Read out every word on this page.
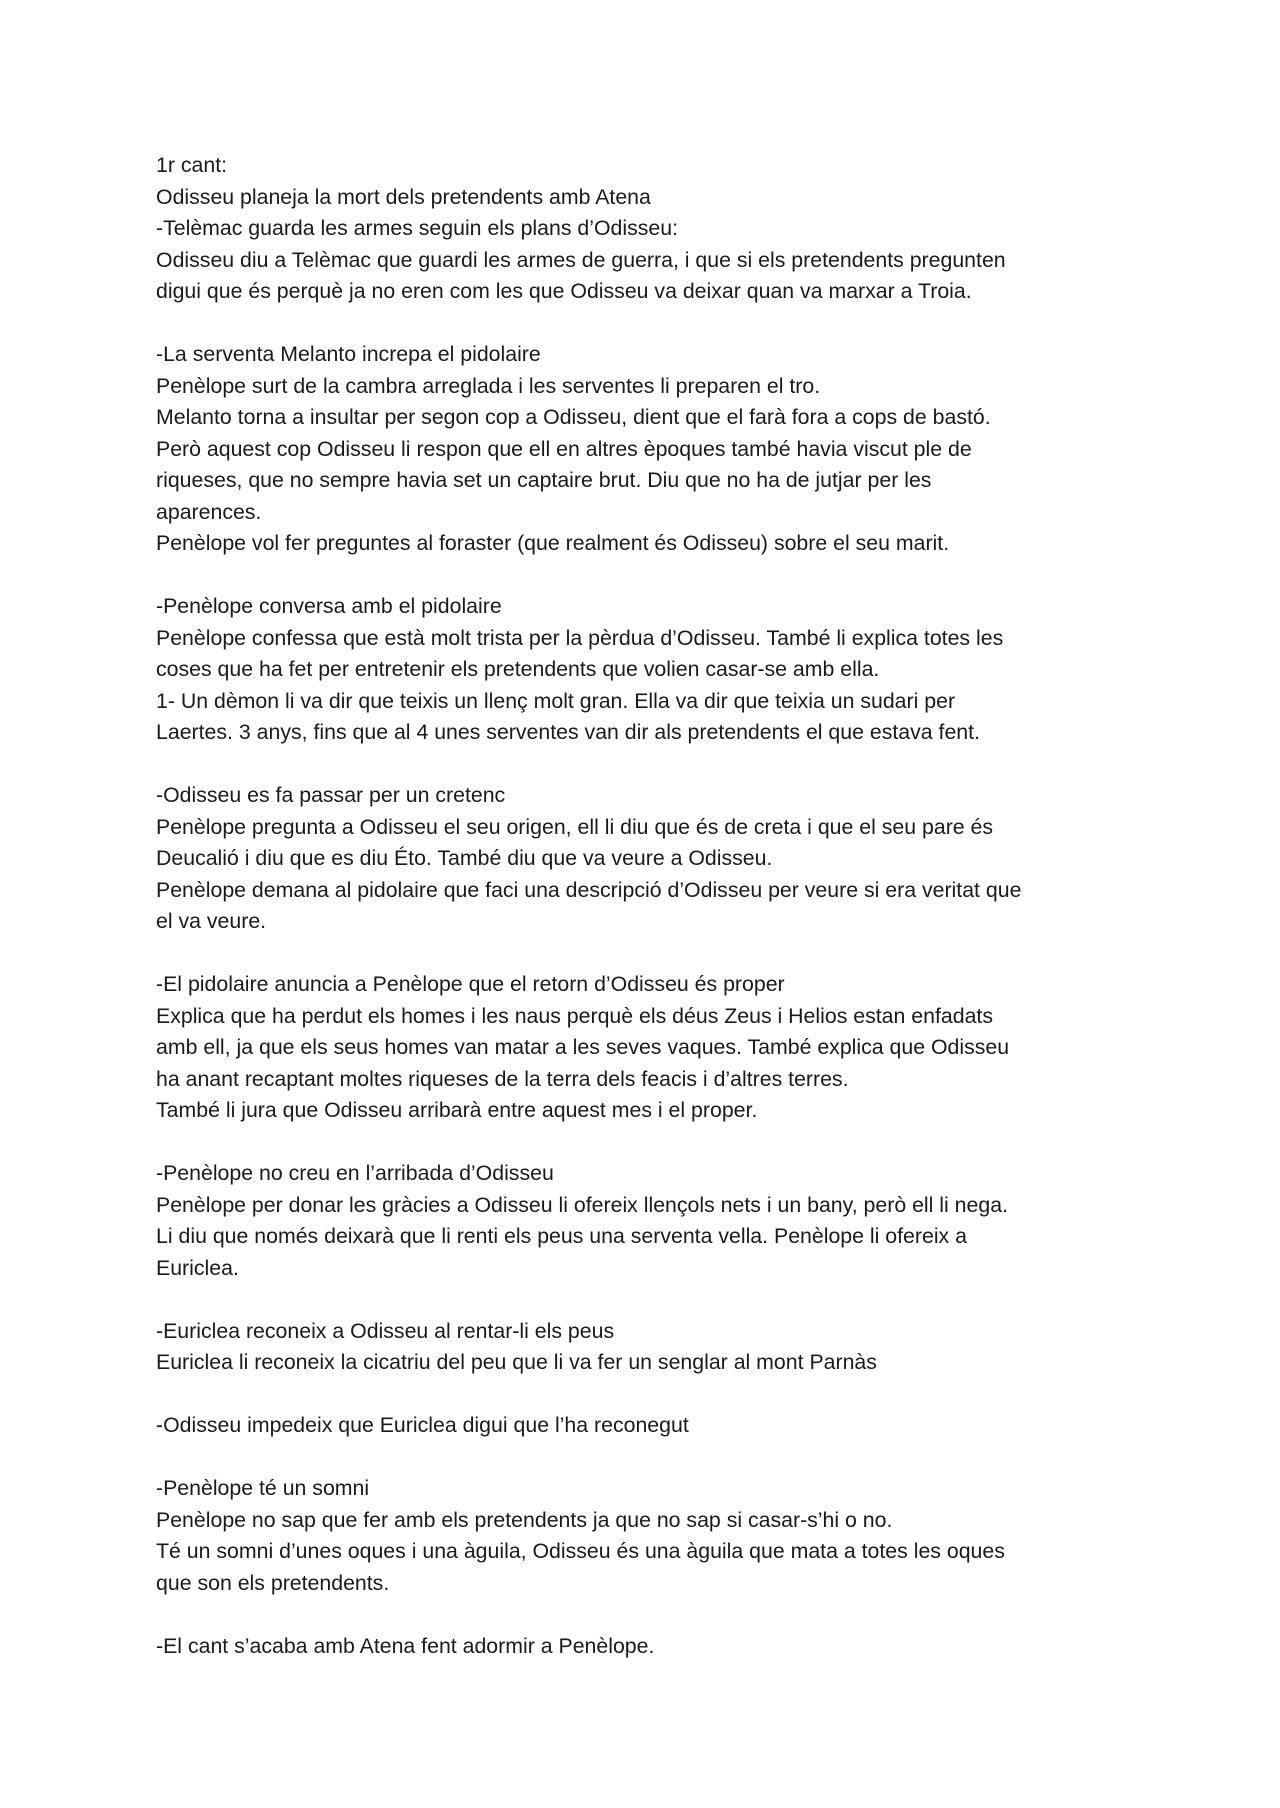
1r cant:
Odisseu planeja la mort dels pretendents amb Atena
-Telèmac guarda les armes seguin els plans d’Odisseu:
Odisseu diu a Telèmac que guardi les armes de guerra, i que si els pretendents pregunten
digui que és perquè ja no eren com les que Odisseu va deixar quan va marxar a Troia.
-La serventa Melanto increpa el pidolaire
Penèlope surt de la cambra arreglada i les serventes li preparen el tro.
Melanto torna a insultar per segon cop a Odisseu, dient que el farà fora a cops de bastó.
Però aquest cop Odisseu li respon que ell en altres èpoques també havia viscut ple de
riqueses, que no sempre havia set un captaire brut. Diu que no ha de jutjar per les
aparences.
Penèlope vol fer preguntes al foraster (que realment és Odisseu) sobre el seu marit.
-Penèlope conversa amb el pidolaire
Penèlope confessa que està molt trista per la pèrdua d’Odisseu. També li explica totes les
coses que ha fet per entretenir els pretendents que volien casar-se amb ella.
1- Un dèmon li va dir que teixis un llenç molt gran. Ella va dir que teixia un sudari per
Laertes. 3 anys, fins que al 4 unes serventes van dir als pretendents el que estava fent.
-Odisseu es fa passar per un cretenc
Penèlope pregunta a Odisseu el seu origen, ell li diu que és de creta i que el seu pare és
Deucalió i diu que es diu Éto. També diu que va veure a Odisseu.
Penèlope demana al pidolaire que faci una descripció d’Odisseu per veure si era veritat que
el va veure.
-El pidolaire anuncia a Penèlope que el retorn d’Odisseu és proper
Explica que ha perdut els homes i les naus perquè els déus Zeus i Helios estan enfadats
amb ell, ja que els seus homes van matar a les seves vaques. També explica que Odisseu
ha anant recaptant moltes riqueses de la terra dels feacis i d’altres terres.
També li jura que Odisseu arribarà entre aquest mes i el proper.
-Penèlope no creu en l’arribada d’Odisseu
Penèlope per donar les gràcies a Odisseu li ofereix llençols nets i un bany, però ell li nega.
Li diu que només deixarà que li renti els peus una serventa vella. Penèlope li ofereix a
Euriclea.
-Euriclea reconeix a Odisseu al rentar-li els peus
Euriclea li reconeix la cicatriu del peu que li va fer un senglar al mont Parnàs
-Odisseu impedeix que Euriclea digui que l’ha reconegut
-Penèlope té un somni
Penèlope no sap que fer amb els pretendents ja que no sap si casar-s’hi o no.
Té un somni d’unes oques i una àguila, Odisseu és una àguila que mata a totes les oques
que son els pretendents.
-El cant s’acaba amb Atena fent adormir a Penèlope.
